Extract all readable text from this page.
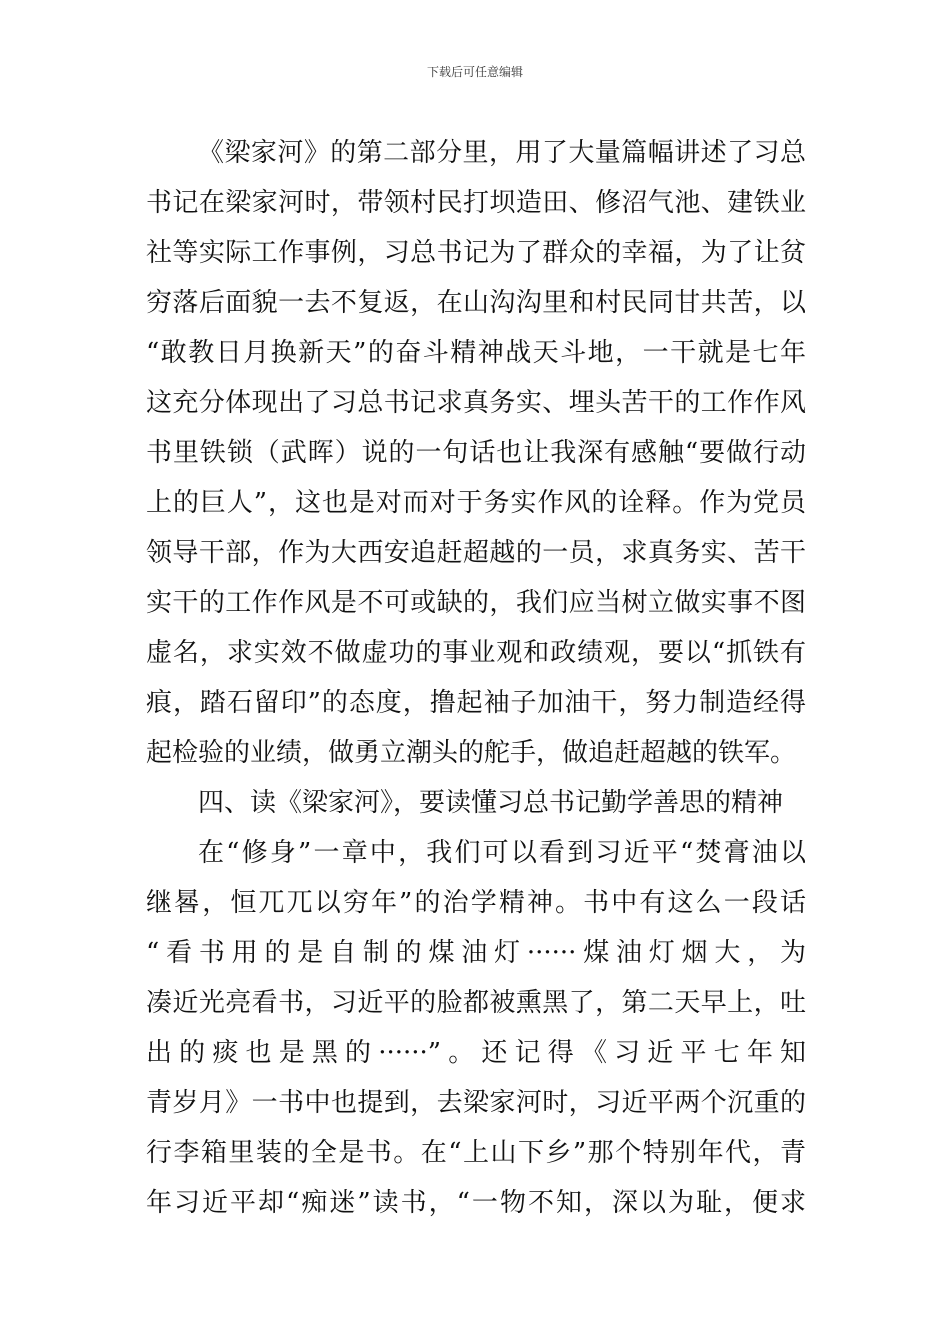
下载后可任意编辑
《梁家河》的第二部分里，用了大量篇幅讲述了习总
书记在梁家河时，带领村民打坝造田、修沼气池、建铁业
社等实际工作事例，习总书记为了群众的幸福，为了让贫
穷落后面貌一去不复返，在山沟沟里和村民同甘共苦，以
“敢教日月换新天”的奋斗精神战天斗地，一干就是七年
这充分体现出了习总书记求真务实、埋头苦干的工作作风
书里铁锁（武晖）说的一句话也让我深有感触“要做行动
上的巨人”，这也是对而对于务实作风的诠释。作为党员
领导干部，作为大西安追赶超越的一员，求真务实、苦干
实干的工作作风是不可或缺的，我们应当树立做实事不图
虚名，求实效不做虚功的事业观和政绩观，要以“抓铁有
痕，踏石留印”的态度，撸起袖子加油干，努力制造经得
起检验的业绩，做勇立潮头的舵手，做追赶超越的铁军。
四、读《梁家河》，要读懂习总书记勤学善思的精神
在“修身”一章中，我们可以看到习近平“焚膏油以
继晷，恒兀兀以穷年”的治学精神。书中有这么一段话
“看书用的是自制的煤油灯······煤油灯烟大，为
凑近光亮看书，习近平的脸都被熏黑了，第二天早上，吐
出的痰也是黑的······”。还记得《习近平七年知
青岁月》一书中也提到，去梁家河时，习近平两个沉重的
行李箱里装的全是书。在“上山下乡”那个特别年代，青
年习近平却“痴迷”读书，“一物不知，深以为耻，便求
